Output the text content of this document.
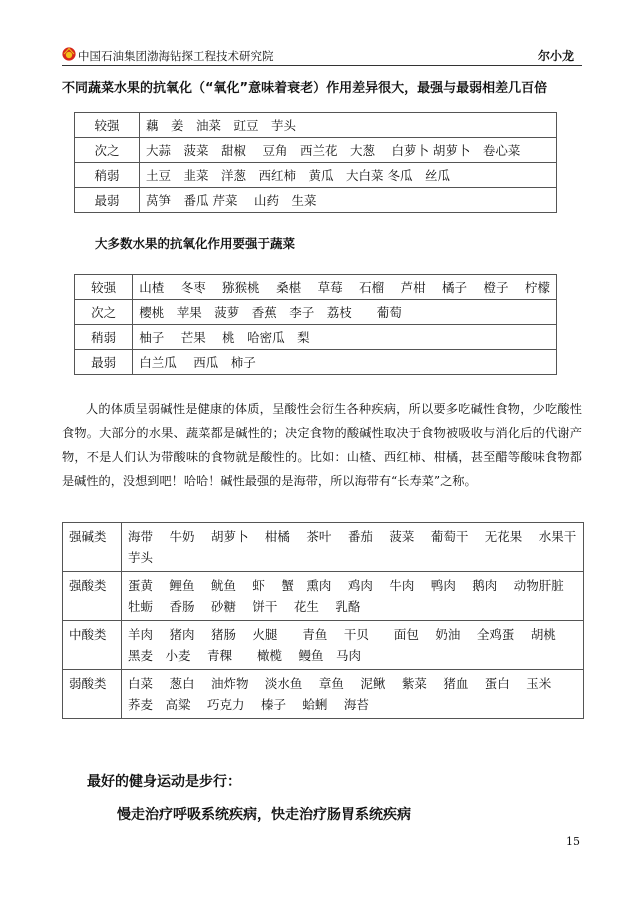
中国石油集团渤海钻探工程技术研究院	尔小龙
不同蔬菜水果的抗氧化（“氧化”意味着衰老）作用差异很大，最强与最弱相差几百倍
较强	藕　姜　油菜　豇豆　芋头
次之	大蒜　菠菜　甜椒　 豆角　西兰花　大葱　 白萝卜 胡萝卜　卷心菜
稍弱	土豆　韭菜　洋葱　西红柿　黄瓜　大白菜 冬瓜　丝瓜
最弱	莴笋　番瓜 芹菜　 山药　生菜
大多数水果的抗氧化作用要强于蔬菜
较强	山楂　 冬枣　 猕猴桃　 桑椹　 草莓　 石榴　 芦柑　 橘子　 橙子　 柠檬
次之	樱桃　苹果　菠萝　香蕉　李子　荔枝　　葡萄
稍弱	柚子　 芒果　 桃　哈密瓜　梨
最弱	白兰瓜　 西瓜　柿子

人的体质呈弱碱性是健康的体质，呈酸性会衍生各种疾病，所以要多吃碱性食物，少吃酸性食物。大部分的水果、蔬菜都是碱性的；决定食物的酸碱性取决于食物被吸收与消化后的代谢产物，不是人们认为带酸味的食物就是酸性的。比如：山楂、西红柿、柑橘，甚至醋等酸味食物都是碱性的，没想到吧！哈哈！碱性最强的是海带，所以海带有“长寿菜”之称。

强碱类	海带　 牛奶　 胡萝卜　 柑橘　 茶叶　 番茄　 菠菜　 葡萄干　 无花果　 水果干　芋头
强酸类	蛋黄　 鲤鱼　 鱿鱼　 虾　 蟹　熏肉　 鸡肉　 牛肉　 鸭肉　 鹅肉　 动物肝脏　牡蛎　 香肠　 砂糖　 饼干　 花生　 乳酪
中酸类	羊肉　 猪肉　 猪肠　 火腿　　青鱼　 干贝　　面包　 奶油　 全鸡蛋　 胡桃　 黑麦　小麦　 青稞　　橄榄　 鳗鱼　马肉
弱酸类	白菜　 葱白　 油炸物　 淡水鱼　 章鱼　 泥鳅　 紫菜　 猪血　 蛋白　 玉米　 荞麦　高粱　 巧克力　 榛子　 蛤蜊　 海苔
最好的健身运动是步行：
慢走治疗呼吸系统疾病，快走治疗肠胃系统疾病
15
